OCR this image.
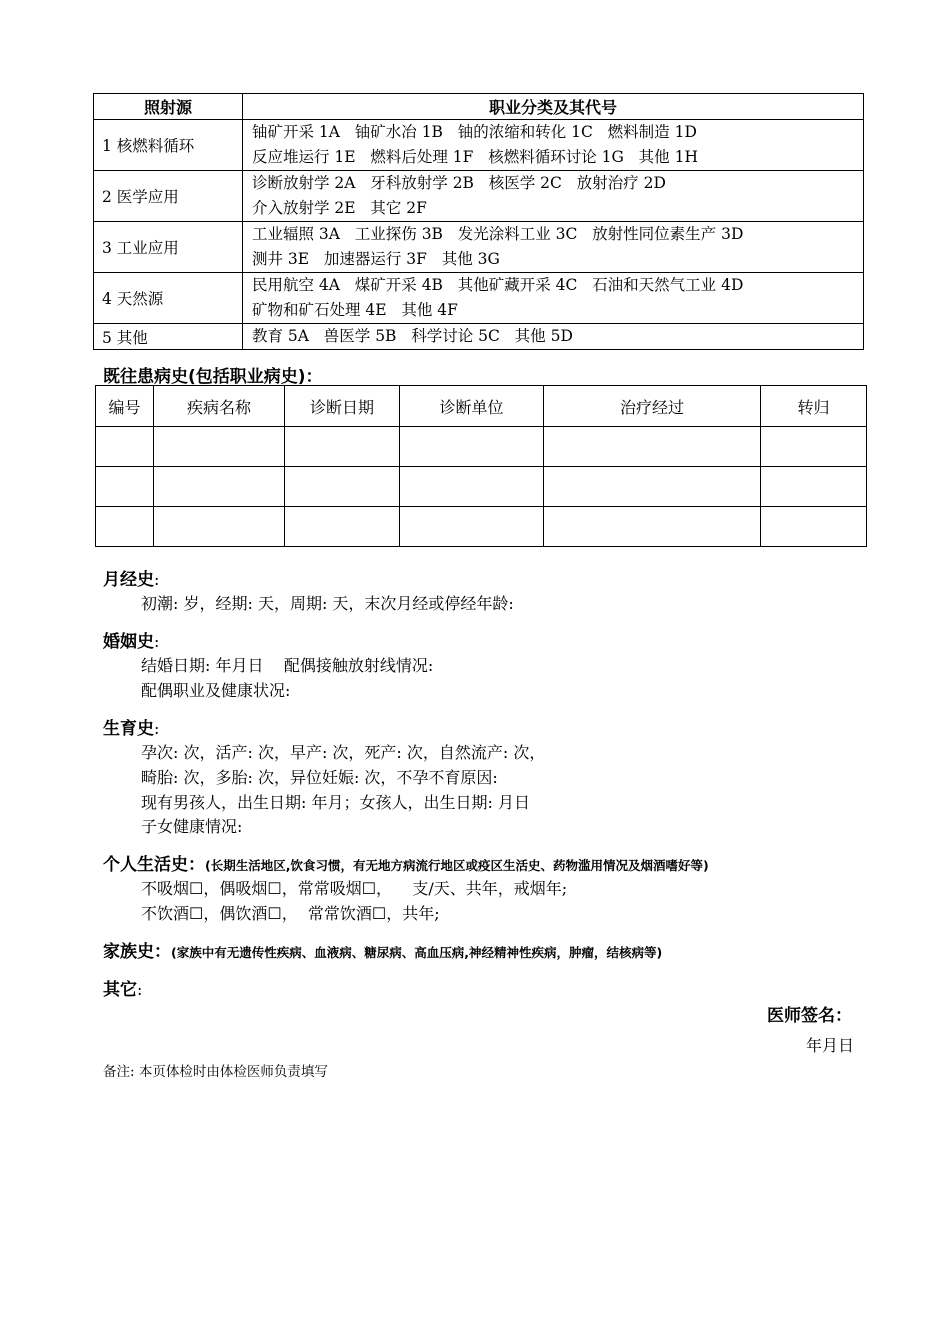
照射源	职业分类及其代号
1 核燃料循环	铀矿开采 1A   铀矿水冶 1B   铀的浓缩和转化 1C   燃料制造 1D
反应堆运行 1E   燃料后处理 1F   核燃料循环讨论 1G   其他 1H

2 医学应用	诊断放射学 2A   牙科放射学 2B   核医学 2C   放射治疗 2D
介入放射学 2E   其它 2F

3 工业应用	工业辐照 3A   工业探伤 3B   发光涂料工业 3C   放射性同位素生产 3D
测井 3E   加速器运行 3F   其他 3G

4 天然源	民用航空 4A   煤矿开采 4B   其他矿藏开采 4C   石油和天然气工业 4D
矿物和矿石处理 4E   其他 4F

5 其他	教育 5A   兽医学 5B   科学讨论 5C   其他 5D
既往患病史(包括职业病史)：
编号	疾病名称	诊断日期	诊断单位	治疗经过	转归

月经史:
初潮: 岁，经期: 天，周期: 天，末次月经或停经年龄:
婚姻史:
结婚日期: 年月日    配偶接触放射线情况:
配偶职业及健康状况:
生育史:
孕次: 次，活产: 次，早产: 次，死产: 次，自然流产: 次，
畸胎: 次，多胎: 次，异位妊娠: 次，不孕不育原因:
现有男孩人，出生日期: 年月；女孩人，出生日期: 月日
子女健康情况:
个人生活史：(长期生活地区,饮食习惯，有无地方病流行地区或疫区生活史、药物滥用情况及烟酒嗜好等)
不吸烟☐，偶吸烟☐，常常吸烟☐，    支/天、共年，戒烟年;
不饮酒☐，偶饮酒☐，  常常饮酒☐，共年;
家族史：(家族中有无遗传性疾病、血液病、糖尿病、高血压病,神经精神性疾病，肿瘤，结核病等)
其它:
医师签名：
年月日
备注: 本页体检时由体检医师负责填写
